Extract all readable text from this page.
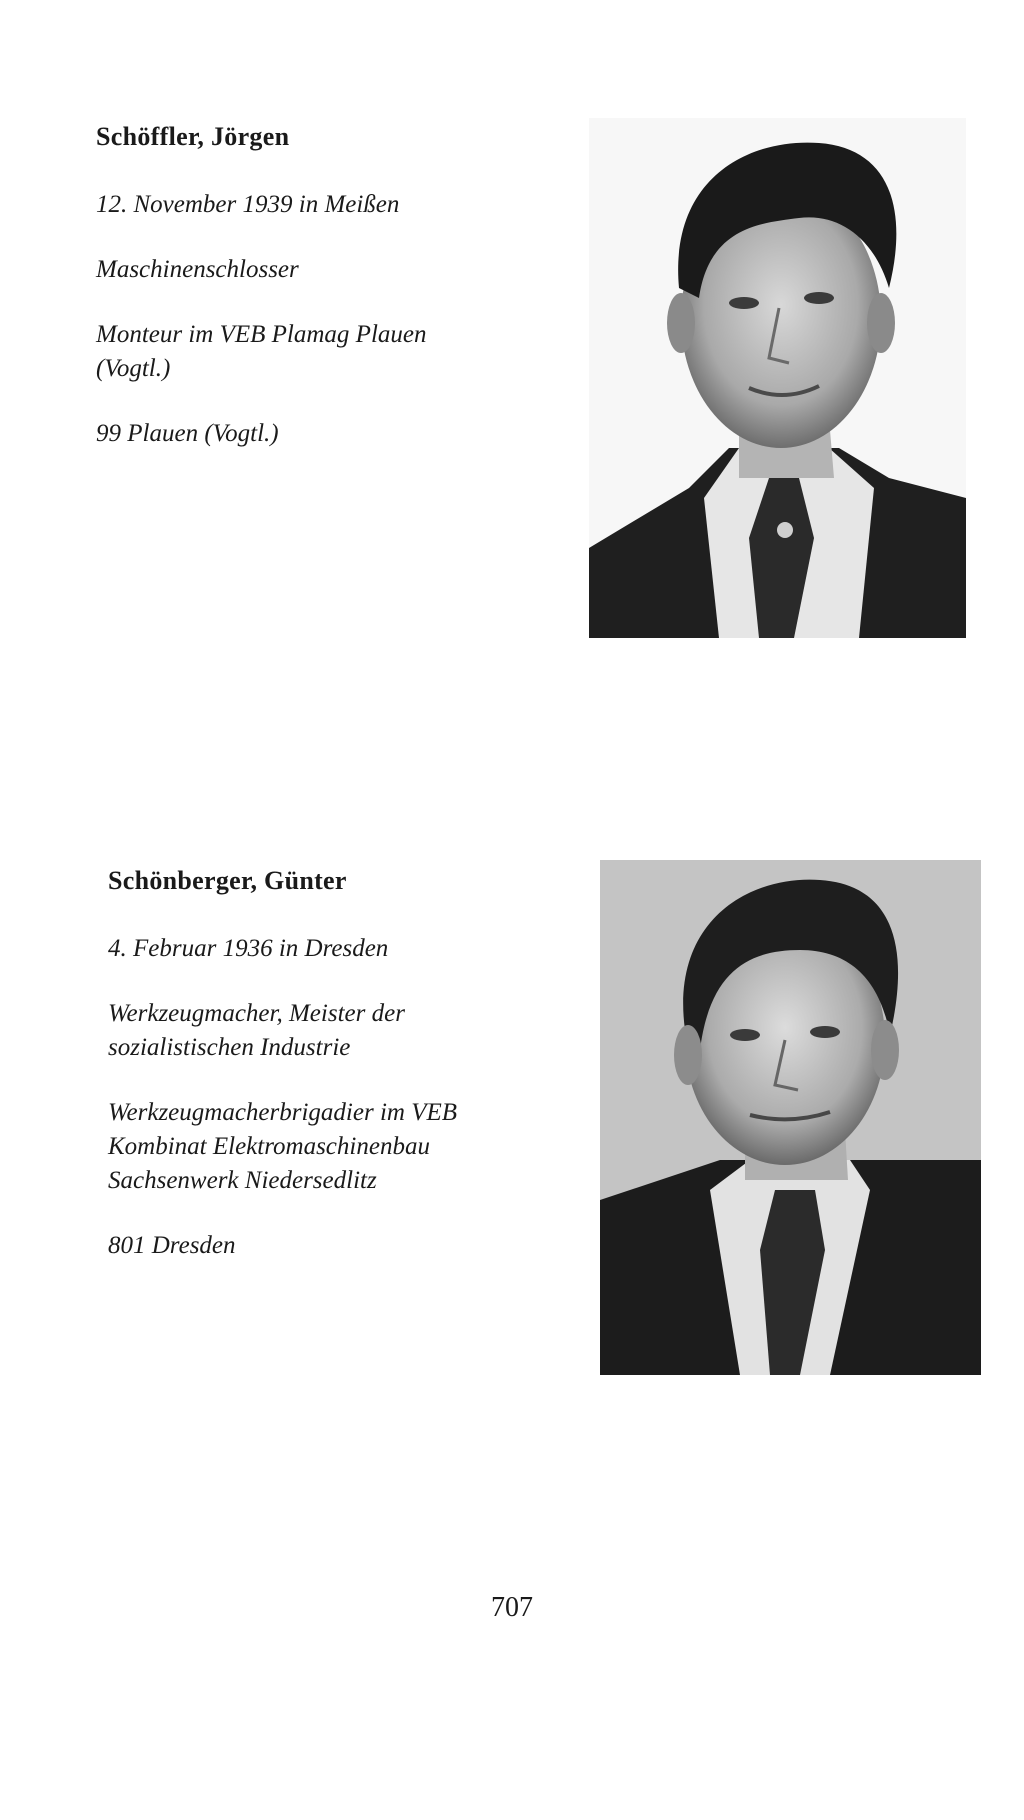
Schöffler, Jörgen
12. November 1939 in Meißen
Maschinenschlosser
Monteur im VEB Plamag Plauen
(Vogtl.)
99 Plauen (Vogtl.)
Schönberger, Günter
4. Februar 1936 in Dresden
Werkzeugmacher, Meister der
sozialistischen Industrie
Werkzeugmacherbrigadier im VEB
Kombinat Elektromaschinenbau
Sachsenwerk Niedersedlitz
801 Dresden
707
